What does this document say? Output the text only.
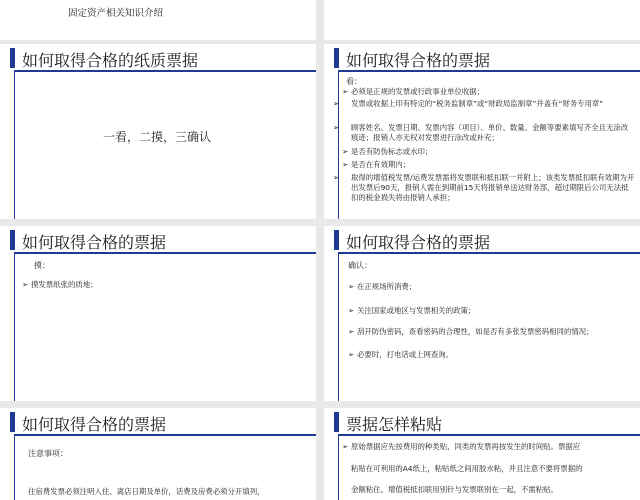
固定资产相关知识介绍
如何取得合格的纸质票据
一看，二摸，三确认
如何取得合格的票据
看：
➢ 必须是正规的发票或行政事业单位收据；
➢ 发票或收据上印有特定的“税务监制章”或“财政局监制章”并盖有“财务专用章”
➢ 顾客姓名、发票日期、发票内容（项目）、单价、数量、金额等要素填写齐全且无涂改痕迹；报销人亦无权对发票进行涂改或补充；
➢ 是否有防伪标志或水印；
➢ 是否在有效期内；
➢ 取得的增值税发票/运费发票需将发票联和抵扣联一并附上；该类发票抵扣联有效期为开出发票后90天，报销人需在到期前15天将报销单送达财务部，超过期限后公司无法抵扣的税金损失将由报销人承担；
如何取得合格的票据
摸：
➢ 摸发票纸张的质地；
如何取得合格的票据
确认：
➢ 在正规场所消费；
➢ 关注国家或地区与发票相关的政策；
➢ 刮开防伪密码，查看密码的合理性，如是否有多张发票密码相同的情况；
➢ 必要时，打电话或上网查询。
如何取得合格的票据
注意事项：
住宿费发票必须注明入住、离店日期及单价，话费及房费必须分开填列，
票据怎样粘贴
➢ 原始票据应先按费用的种类贴，同类的发票再按发生的时间贴。票据应
粘贴在可利用的A4纸上，粘贴纸之间用胶水粘，并且注意不要将票据的
金额粘住。增值税抵扣联用别针与发票联别在一起，不需粘贴。
